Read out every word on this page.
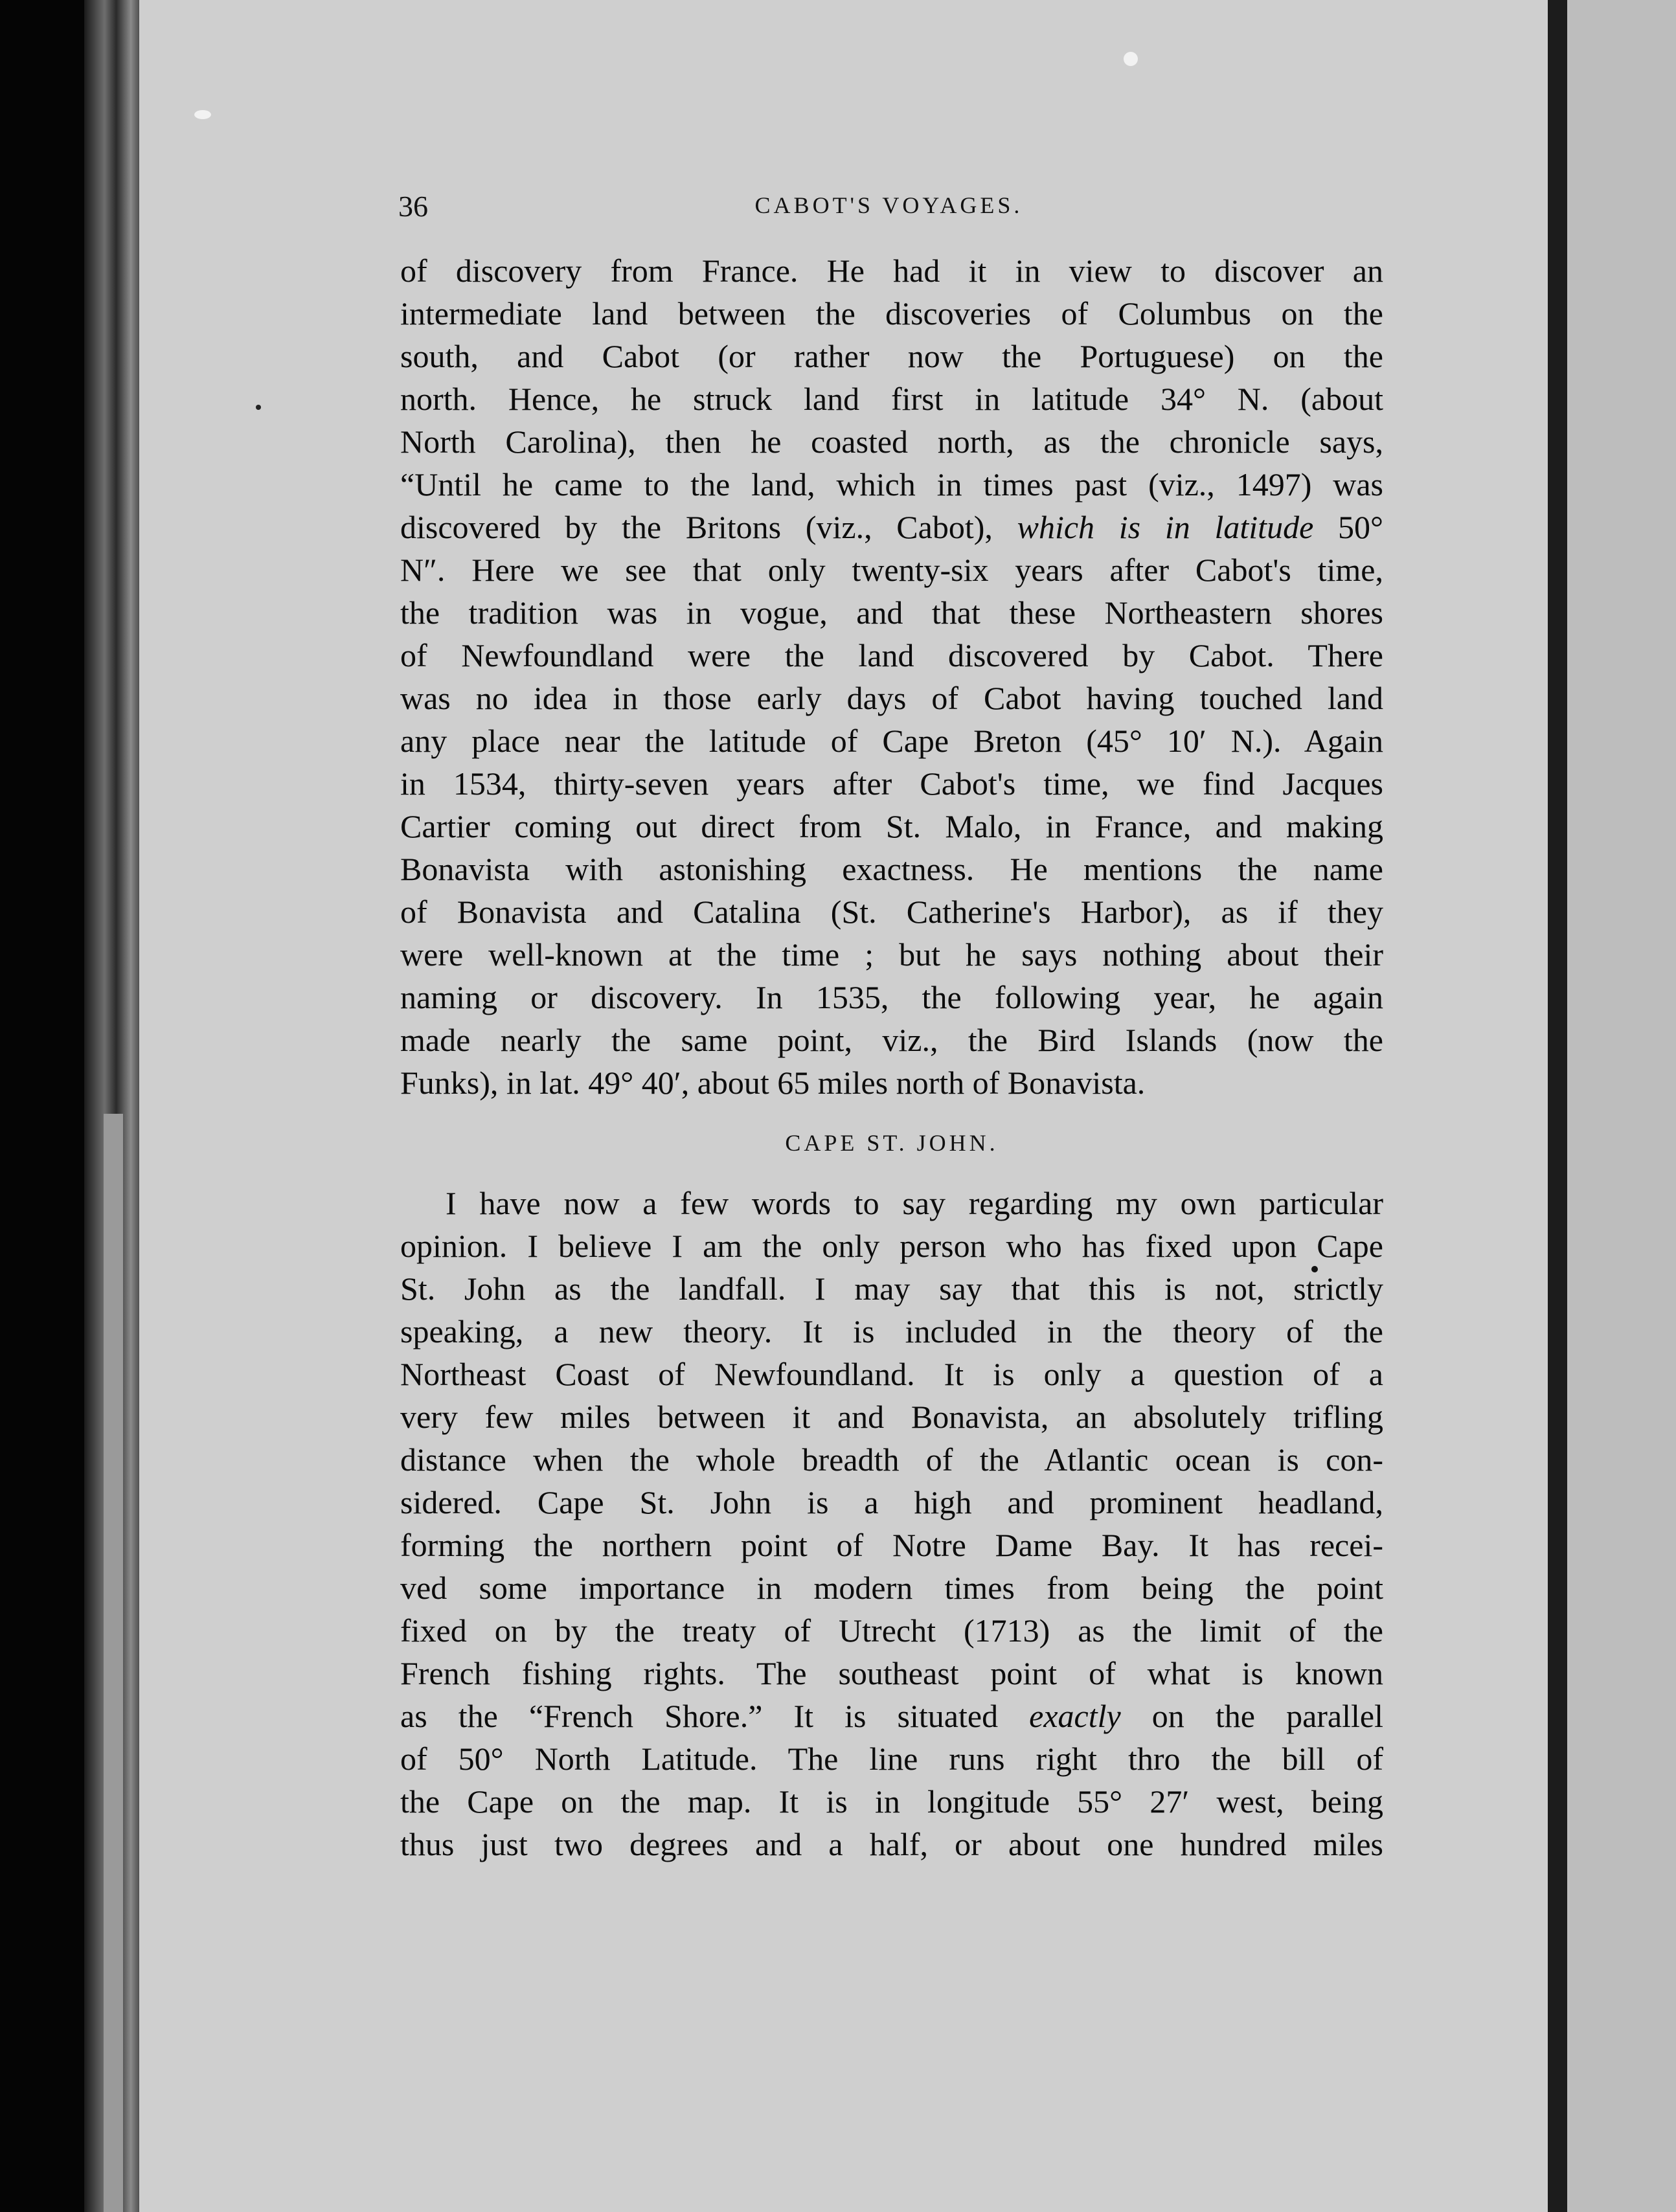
36	CABOT'S VOYAGES.
of discovery from France. He had it in view to discover an
intermediate land between the discoveries of Columbus on the
south, and Cabot (or rather now the Portuguese) on the
north. Hence, he struck land first in latitude 34° N. (about
North Carolina), then he coasted north, as the chronicle says,
“Until he came to the land, which in times past (viz., 1497) was
discovered by the Britons (viz., Cabot), which is in latitude 50°
N″. Here we see that only twenty-six years after Cabot's time,
the tradition was in vogue, and that these Northeastern shores
of Newfoundland were the land discovered by Cabot. There
was no idea in those early days of Cabot having touched land
any place near the latitude of Cape Breton (45° 10′ N.). Again
in 1534, thirty-seven years after Cabot's time, we find Jacques
Cartier coming out direct from St. Malo, in France, and making
Bonavista with astonishing exactness. He mentions the name
of Bonavista and Catalina (St. Catherine's Harbor), as if they
were well-known at the time ; but he says nothing about their
naming or discovery. In 1535, the following year, he again
made nearly the same point, viz., the Bird Islands (now the
Funks), in lat. 49° 40′, about 65 miles north of Bonavista.
CAPE ST. JOHN.
I have now a few words to say regarding my own particular
opinion. I believe I am the only person who has fixed upon Cape
St. John as the landfall. I may say that this is not, strictly
speaking, a new theory. It is included in the theory of the
Northeast Coast of Newfoundland. It is only a question of a
very few miles between it and Bonavista, an absolutely trifling
distance when the whole breadth of the Atlantic ocean is con-
sidered. Cape St. John is a high and prominent headland,
forming the northern point of Notre Dame Bay. It has recei-
ved some importance in modern times from being the point
fixed on by the treaty of Utrecht (1713) as the limit of the
French fishing rights. The southeast point of what is known
as the “French Shore.” It is situated exactly on the parallel
of 50° North Latitude. The line runs right thro the bill of
the Cape on the map. It is in longitude 55° 27′ west, being
thus just two degrees and a half, or about one hundred miles
